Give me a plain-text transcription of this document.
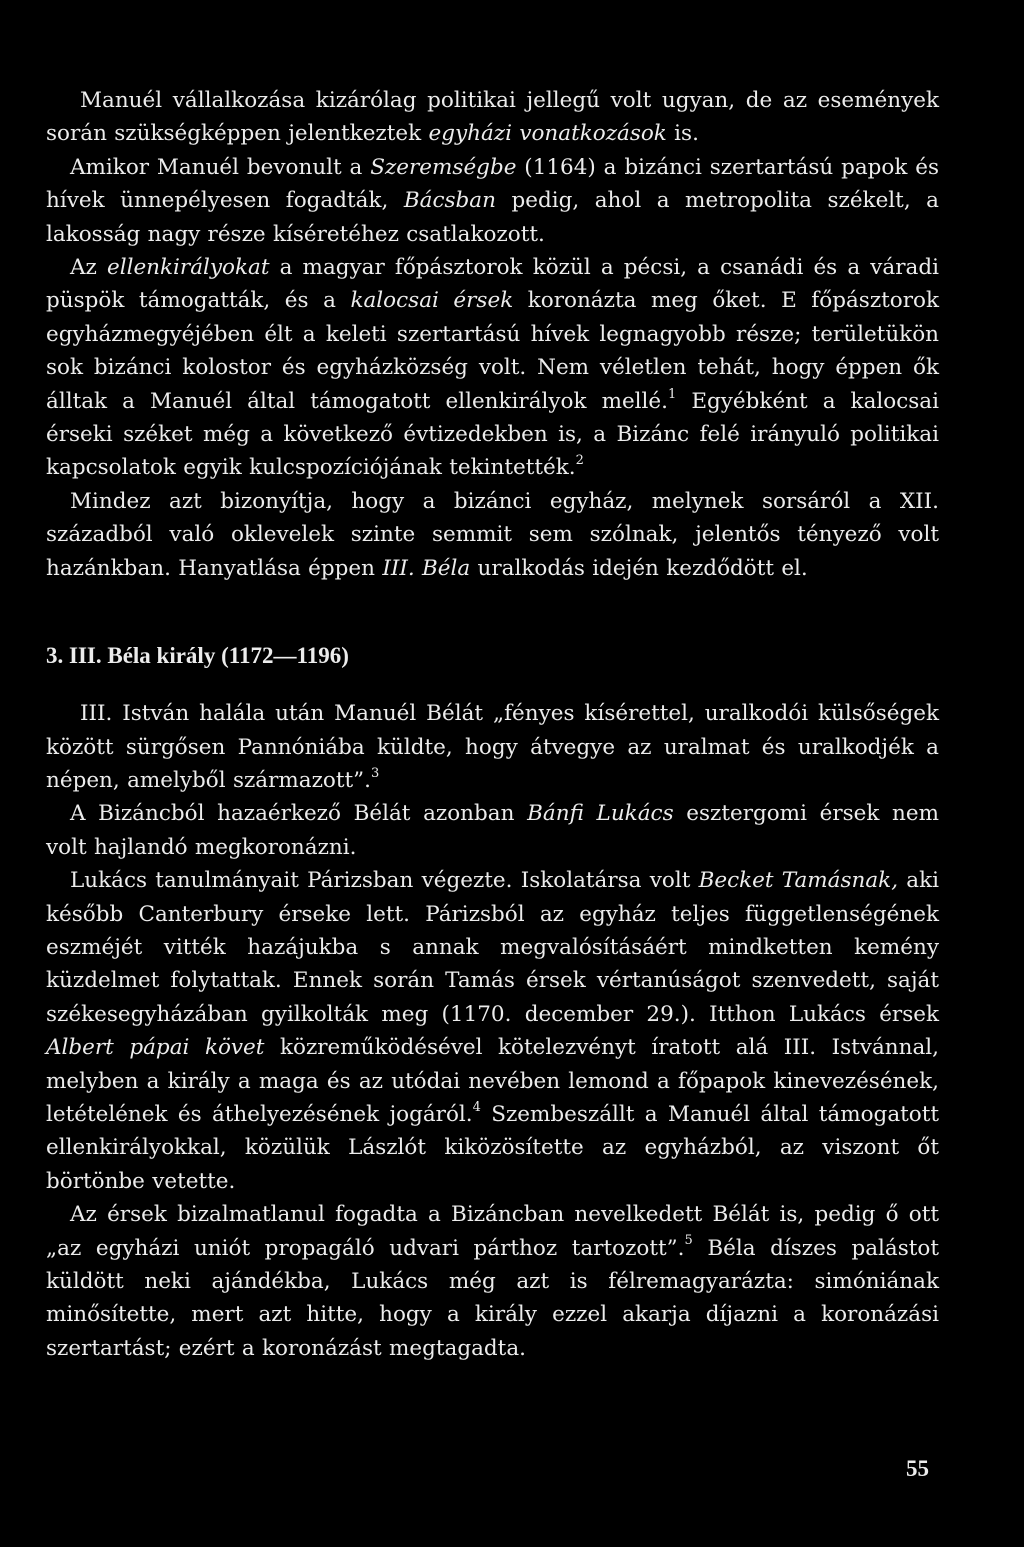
Manuél vállalkozása kizárólag politikai jellegű volt ugyan, de az események során szükségképpen jelentkeztek egyházi vonatkozások is.

Amikor Manuél bevonult a Szeremségbe (1164) a bizánci szertartású papok és hívek ünnepélyesen fogadták, Bácsban pedig, ahol a metropolita székelt, a lakosság nagy része kíséretéhez csatlakozott.

Az ellenkirályokat a magyar főpásztorok közül a pécsi, a csanádi és a váradi püspök támogatták, és a kalocsai érsek koronázta meg őket. E főpásztorok egyházmegyéjében élt a keleti szertartású hívek legnagyobb része; területükön sok bizánci kolostor és egyházközség volt. Nem véletlen tehát, hogy éppen ők álltak a Manuél által támogatott ellenkirályok mellé.$^1$ Egyébként a kalocsai érseki széket még a következő évtizedekben is, a Bizánc felé irányuló politikai kapcsolatok egyik kulcspozíciójának tekintették.$^2$

Mindez azt bizonyítja, hogy a bizánci egyház, melynek sorsáról a XII. századból való oklevelek szinte semmit sem szólnak, jelentős tényező volt hazánkban. Hanyatlása éppen III. Béla uralkodás idején kezdődött el.

3. III. Béla király (1172—1196)

III. István halála után Manuél Bélát „fényes kísérettel, uralkodói külsőségek között sürgősen Pannóniába küldte, hogy átvegye az uralmat és uralkodjék a népen, amelyből származott”.$^3$

A Bizáncból hazaérkező Bélát azonban Bánfi Lukács esztergomi érsek nem volt hajlandó megkoronázni.

Lukács tanulmányait Párizsban végezte. Iskolatársa volt Becket Tamásnak, aki később Canterbury érseke lett. Párizsból az egyház teljes függetlenségének eszméjét vitték hazájukba s annak megvalósításáért mindketten kemény küzdelmet folytattak. Ennek során Tamás érsek vértanúságot szenvedett, saját székesegyházában gyilkolták meg (1170. december 29.). Itthon Lukács érsek Albert pápai követ közreműködésével kötelezvényt íratott alá III. Istvánnal, melyben a király a maga és az utódai nevében lemond a főpapok kinevezésének, letételének és áthelyezésének jogáról.$^4$ Szembeszállt a Manuél által támogatott ellenkirályokkal, közülük Lászlót kiközösítette az egyházból, az viszont őt börtönbe vetette.

Az érsek bizalmatlanul fogadta a Bizáncban nevelkedett Bélát is, pedig ő ott „az egyházi uniót propagáló udvari párthoz tartozott”.$^5$ Béla díszes palástot küldött neki ajándékba, Lukács még azt is félremagyarázta: simóniának minősítette, mert azt hitte, hogy a király ezzel akarja díjazni a koronázási szertartást; ezért a koronázást megtagadta.

55
